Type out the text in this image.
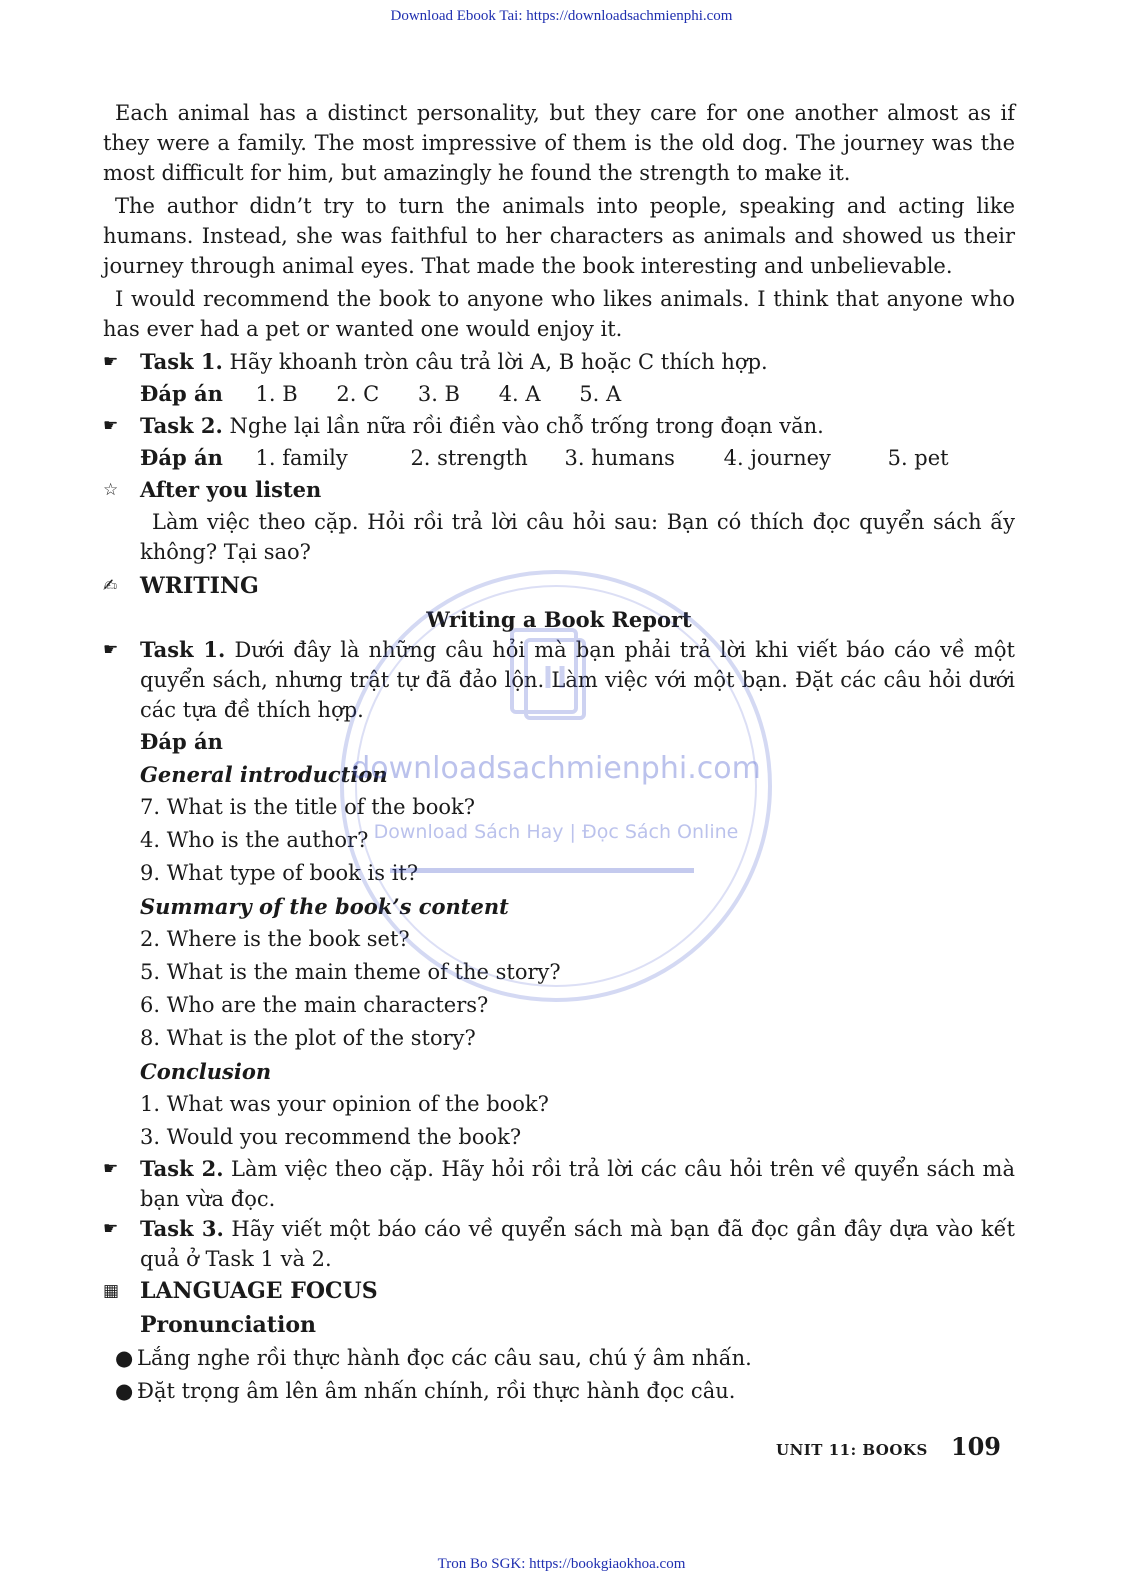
Download Ebook Tai: https://downloadsachmienphi.com

Each animal has a distinct personality, but they care for one another almost as if they were a family. The most impressive of them is the old dog. The journey was the most difficult for him, but amazingly he found the strength to make it.

The author didn’t try to turn the animals into people, speaking and acting like humans. Instead, she was faithful to her characters as animals and showed us their journey through animal eyes. That made the book interesting and unbelievable.

I would recommend the book to anyone who likes animals. I think that anyone who has ever had a pet or wanted one would enjoy it.

☛	Task 1. Hãy khoanh tròn câu trả lời A, B hoặc C thích hợp.
Đáp án 1. B 2. C 3. B 4. A 5. A
☛	Task 2. Nghe lại lần nữa rồi điền vào chỗ trống trong đoạn văn.
Đáp án 1. family	2. strength 3. humans 4. journey	5. pet
☆	After you listen
Làm việc theo cặp. Hỏi rồi trả lời câu hỏi sau: Bạn có thích đọc quyển sách ấy không? Tại sao?
✍	WRITING
Writing a Book Report
☛	Task 1. Dưới đây là những câu hỏi mà bạn phải trả lời khi viết báo cáo về một quyển sách, nhưng trật tự đã đảo lộn. Làm việc với một bạn. Đặt các câu hỏi dưới các tựa đề thích hợp.
Đáp án
General introduction
7. What is the title of the book?
4. Who is the author?
9. What type of book is it?
Summary of the book’s content
2. Where is the book set?
5. What is the main theme of the story?
6. Who are the main characters?
8. What is the plot of the story?
Conclusion
1. What was your opinion of the book?
3. Would you recommend the book?
☛	Task 2. Làm việc theo cặp. Hãy hỏi rồi trả lời các câu hỏi trên về quyển sách mà bạn vừa đọc.
☛	Task 3. Hãy viết một báo cáo về quyển sách mà bạn đã đọc gần đây dựa vào kết quả ở Task 1 và 2.
▦ LANGUAGE FOCUS
Pronunciation
● Lắng nghe rồi thực hành đọc các câu sau, chú ý âm nhấn.
● Đặt trọng âm lên âm nhấn chính, rồi thực hành đọc câu.
downloadsachmienphi.com
Download Sách Hay | Đọc Sách Online
UNIT 11: BOOKS 109
Tron Bo SGK: https://bookgiaokhoa.com
